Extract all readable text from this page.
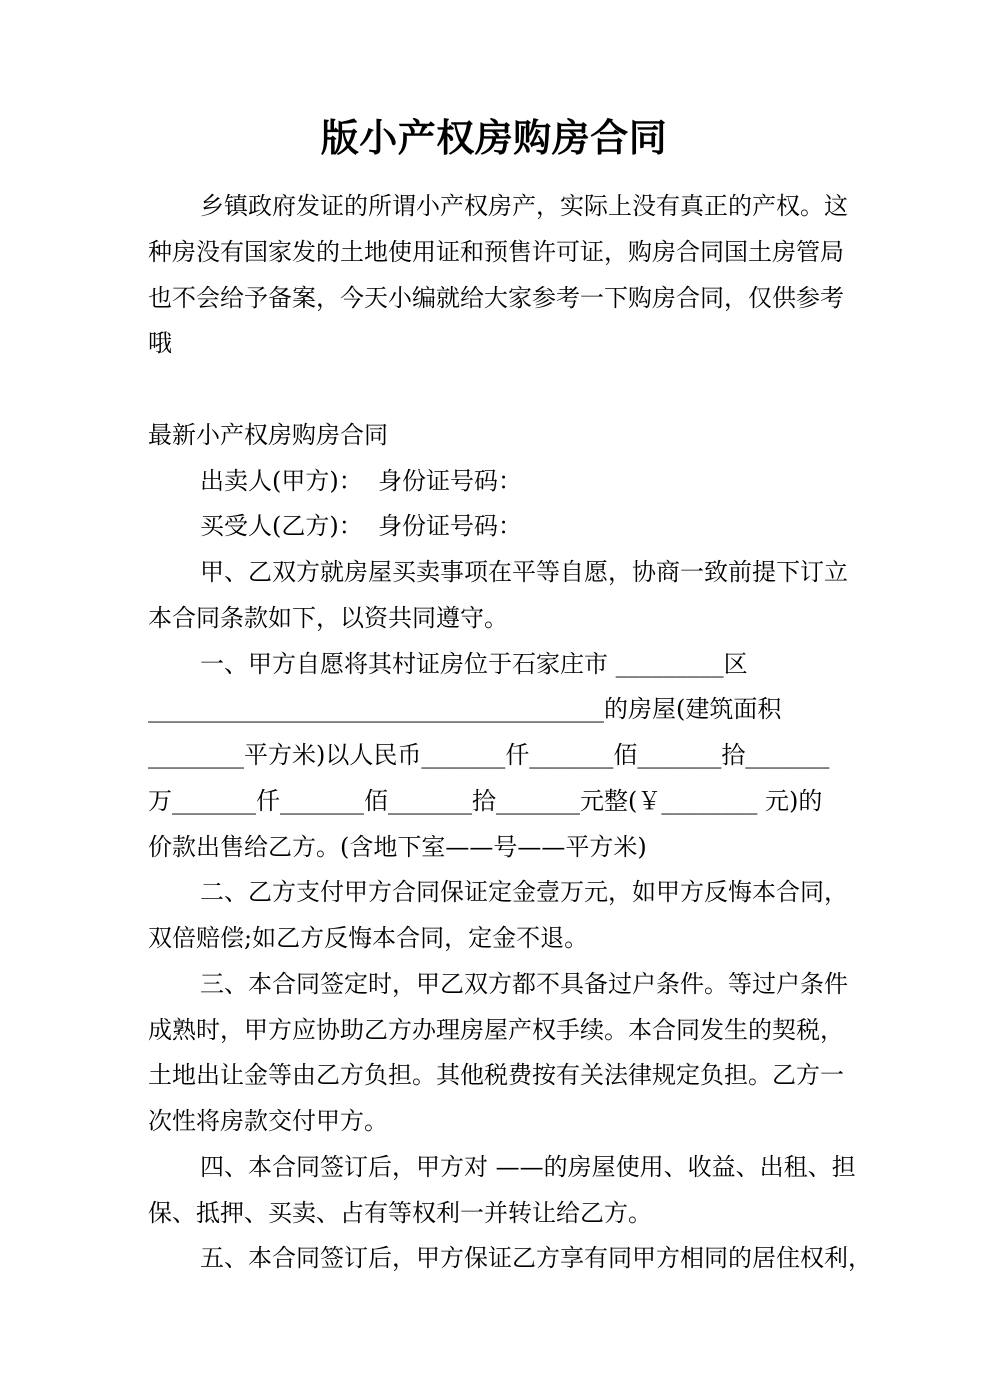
版小产权房购房合同
乡镇政府发证的所谓小产权房产，实际上没有真正的产权。这
种房没有国家发的土地使用证和预售许可证，购房合同国土房管局
也不会给予备案，今天小编就给大家参考一下购房合同，仅供参考
哦

最新小产权房购房合同
出卖人(甲方)：  身份证号码：
买受人(乙方)：  身份证号码：
甲、乙双方就房屋买卖事项在平等自愿，协商一致前提下订立
本合同条款如下，以资共同遵守。
一、甲方自愿将其村证房位于石家庄市 _________区
______________________________________的房屋(建筑面积
________平方米)以人民币_______仟_______佰_______拾_______
万_______仟_______佰_______拾_______元整(￥________ 元)的
价款出售给乙方。(含地下室——号——平方米)
二、乙方支付甲方合同保证定金壹万元，如甲方反悔本合同，
双倍赔偿;如乙方反悔本合同，定金不退。
三、本合同签定时，甲乙双方都不具备过户条件。等过户条件
成熟时，甲方应协助乙方办理房屋产权手续。本合同发生的契税，
土地出让金等由乙方负担。其他税费按有关法律规定负担。乙方一
次性将房款交付甲方。
四、本合同签订后，甲方对 ——的房屋使用、收益、出租、担
保、抵押、买卖、占有等权利一并转让给乙方。
五、本合同签订后，甲方保证乙方享有同甲方相同的居住权利，
